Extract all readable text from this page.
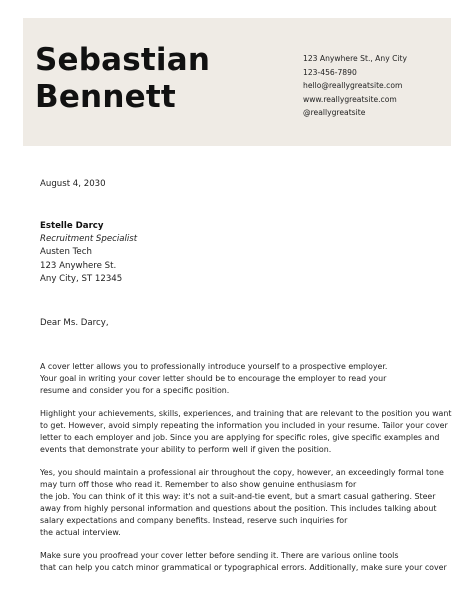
Sebastian
Bennett
123 Anywhere St., Any City
123-456-7890
hello@reallygreatsite.com
www.reallygreatsite.com
@reallygreatsite
August 4, 2030
Estelle Darcy
Recruitment Specialist
Austen Tech
123 Anywhere St.
Any City, ST 12345
Dear Ms. Darcy,

A cover letter allows you to professionally introduce yourself to a prospective employer.
Your goal in writing your cover letter should be to encourage the employer to read your
resume and consider you for a specific position.

Highlight your achievements, skills, experiences, and training that are relevant to the position you want
to get. However, avoid simply repeating the information you included in your resume. Tailor your cover
letter to each employer and job. Since you are applying for specific roles, give specific examples and
events that demonstrate your ability to perform well if given the position.

Yes, you should maintain a professional air throughout the copy, however, an exceedingly formal tone
may turn off those who read it. Remember to also show genuine enthusiasm for
the job. You can think of it this way: it's not a suit-and-tie event, but a smart casual gathering. Steer
away from highly personal information and questions about the position. This includes talking about
salary expectations and company benefits. Instead, reserve such inquiries for
the actual interview.

Make sure you proofread your cover letter before sending it. There are various online tools
that can help you catch minor grammatical or typographical errors. Additionally, make sure your cover
